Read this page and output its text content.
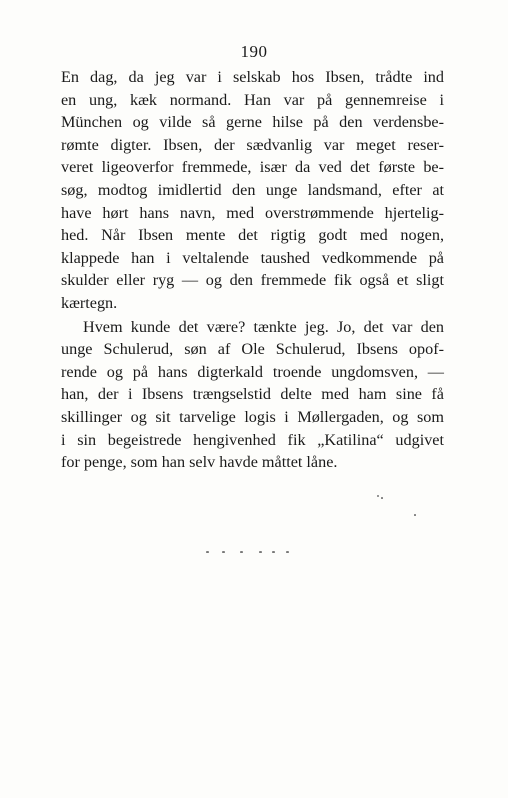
190
En dag, da jeg var i selskab hos Ibsen, trådte ind
en ung, kæk normand. Han var på gennemreise i
München og vilde så gerne hilse på den verdensbe-
rømte digter. Ibsen, der sædvanlig var meget reser-
veret ligeoverfor fremmede, især da ved det første be-
søg, modtog imidlertid den unge landsmand, efter at
have hørt hans navn, med overstrømmende hjertelig-
hed. Når Ibsen mente det rigtig godt med nogen,
klappede han i veltalende taushed vedkommende på
skulder eller ryg — og den fremmede fik også et sligt
kærtegn.
Hvem kunde det være? tænkte jeg. Jo, det var den
unge Schulerud, søn af Ole Schulerud, Ibsens opof-
rende og på hans digterkald troende ungdomsven, —
han, der i Ibsens trængselstid delte med ham sine få
skillinger og sit tarvelige logis i Møllergaden, og som
i sin begeistrede hengivenhed fik „Katilina“ udgivet
for penge, som han selv havde måttet låne.
